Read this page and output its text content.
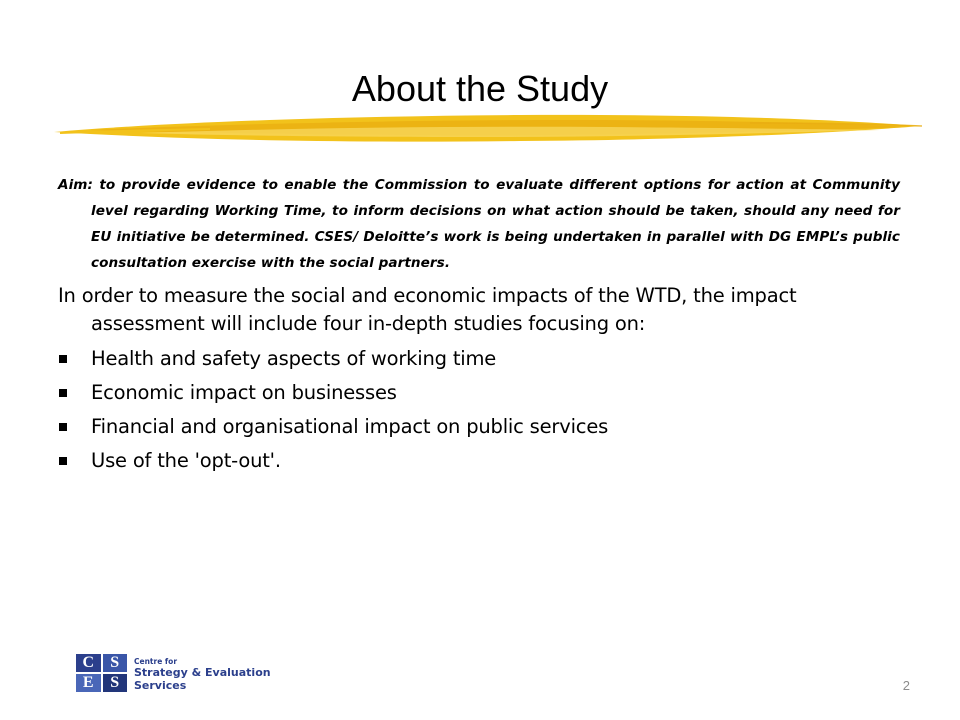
About the Study

Aim: to provide evidence to enable the Commission to evaluate different options for action at Community level regarding Working Time, to inform decisions on what action should be taken, should any need for EU initiative be determined. CSES/ Deloitte’s work is being undertaken in parallel with DG EMPL’s public consultation exercise with the social partners.

In order to measure the social and economic impacts of the WTD, the impact assessment will include four in-depth studies focusing on:

Health and safety aspects of working time
Economic impact on businesses
Financial and organisational impact on public services
Use of the 'opt-out'.
C	S
E	S
Centre for
Strategy & Evaluation
Services	2
